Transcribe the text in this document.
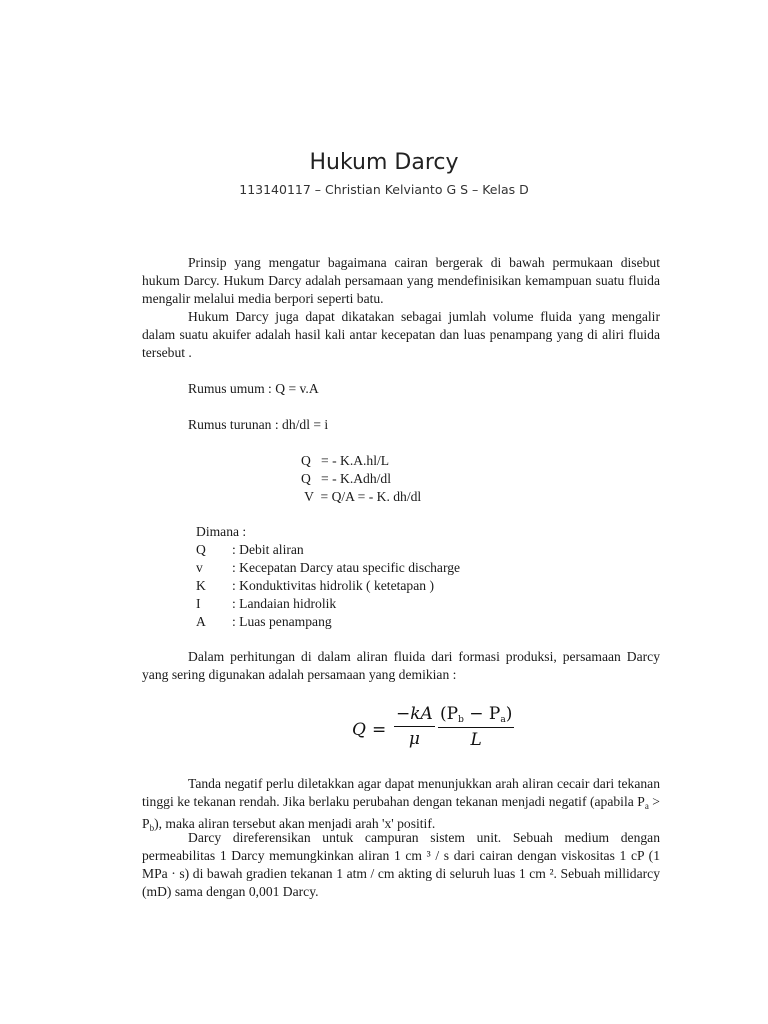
Hukum Darcy
113140117 – Christian Kelvianto G S – Kelas D

Prinsip yang mengatur bagaimana cairan bergerak di bawah permukaan disebut hukum Darcy. Hukum Darcy adalah persamaan yang mendefinisikan kemampuan suatu fluida mengalir melalui media berpori seperti batu.

Hukum Darcy juga dapat dikatakan sebagai jumlah volume fluida yang mengalir dalam suatu akuifer adalah hasil kali antar kecepatan dan luas penampang yang di aliri fluida tersebut .

Rumus umum : Q = v.A
Rumus turunan : dh/dl = i
Q   = - K.A.hl/L
Q   = - K.Adh/dl
V  = Q/A = - K. dh/dl
Dimana :
Q : Debit aliran
v : Kecepatan Darcy atau specific discharge
K : Konduktivitas hidrolik ( ketetapan )
I : Landaian hidrolik
A : Luas penampang

Dalam perhitungan di dalam aliran fluida dari formasi produksi, persamaan Darcy yang sering digunakan adalah persamaan yang demikian :

$Q = \frac{-kA}{\mu} \frac{(P_b - P_a)}{L}$

Tanda negatif perlu diletakkan agar dapat menunjukkan arah aliran cecair dari tekanan tinggi ke tekanan rendah. Jika berlaku perubahan dengan tekanan menjadi negatif (apabila $P_a > P_b$), maka aliran tersebut akan menjadi arah 'x' positif.

Darcy direferensikan untuk campuran sistem unit. Sebuah medium dengan permeabilitas 1 Darcy memungkinkan aliran 1 cm ³ / s dari cairan dengan viskositas 1 cP (1 MPa · s) di bawah gradien tekanan 1 atm / cm akting di seluruh luas 1 cm ². Sebuah millidarcy (mD) sama dengan 0,001 Darcy.
